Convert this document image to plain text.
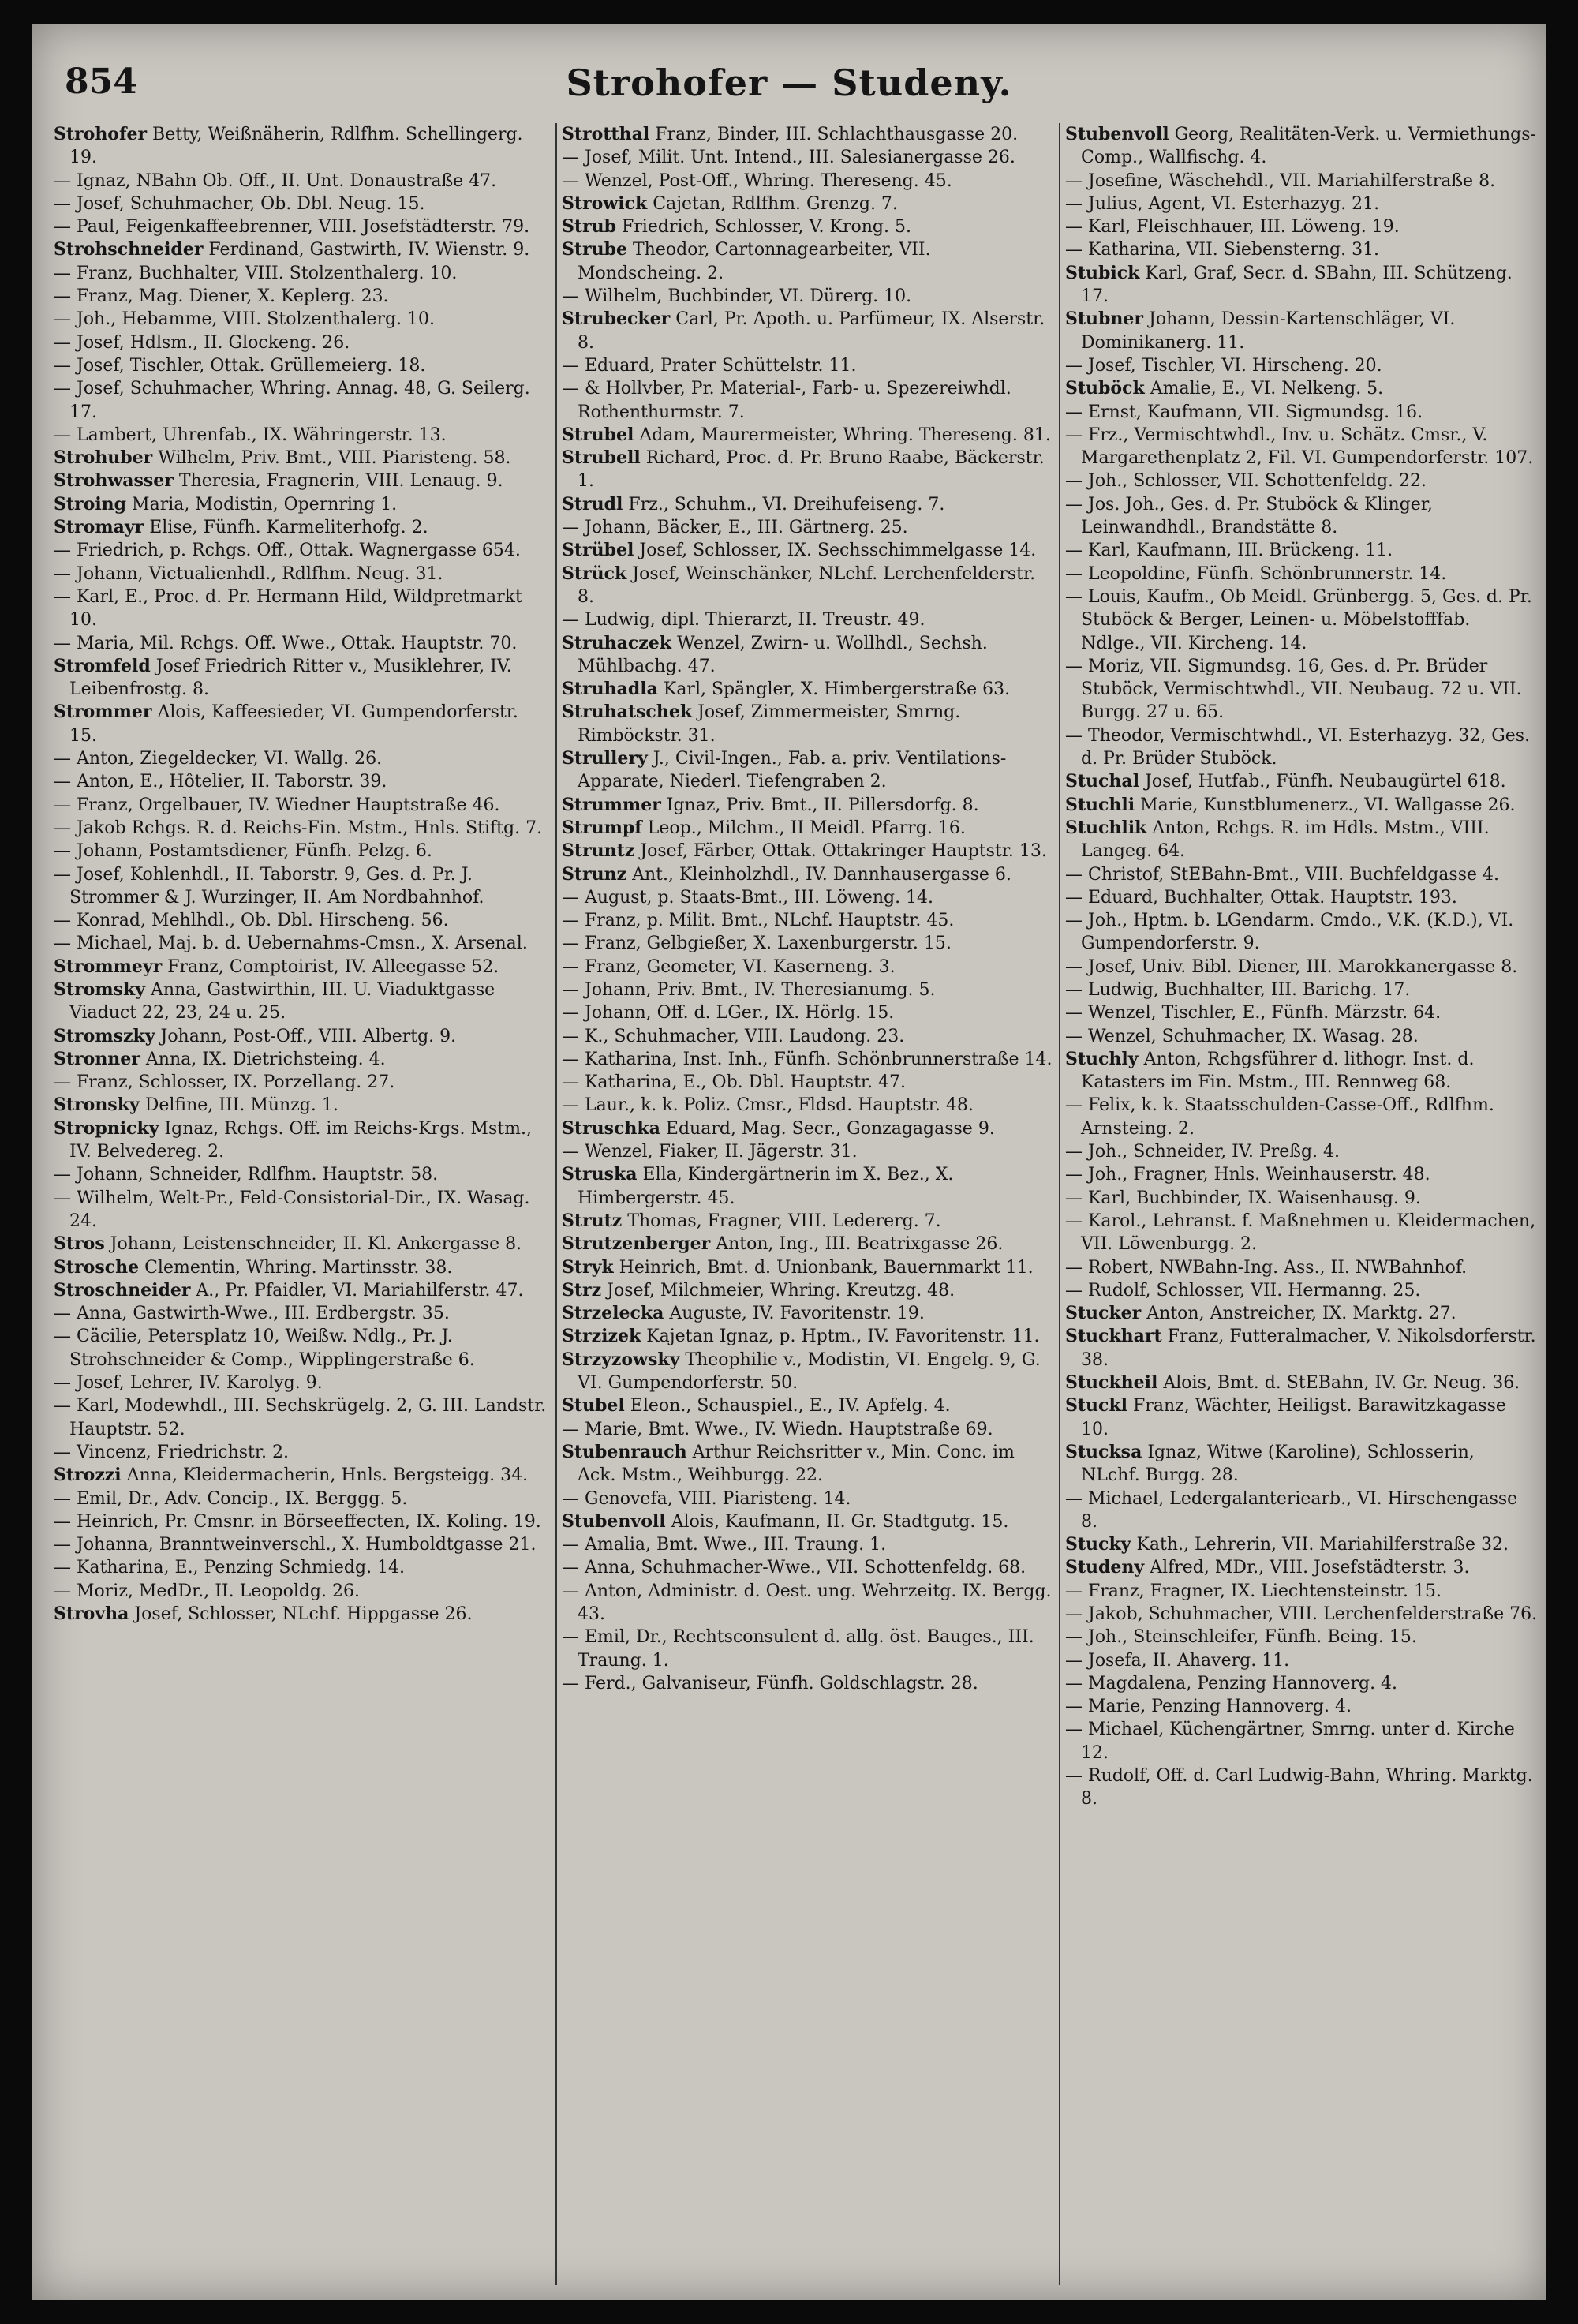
854	Strohofer — Studeny.

Strohofer Betty, Weißnäherin, Rdlfhm. Schellingerg. 19.

— Ignaz, NBahn Ob. Off., II. Unt. Donaustraße 47.

— Josef, Schuhmacher, Ob. Dbl. Neug. 15.

— Paul, Feigenkaffeebrenner, VIII. Josefstädterstr. 79.

Strohschneider Ferdinand, Gastwirth, IV. Wienstr. 9.

— Franz, Buchhalter, VIII. Stolzenthalerg. 10.

— Franz, Mag. Diener, X. Keplerg. 23.

— Joh., Hebamme, VIII. Stolzenthalerg. 10.

— Josef, Hdlsm., II. Glockeng. 26.

— Josef, Tischler, Ottak. Grüllemeierg. 18.

— Josef, Schuhmacher, Whring. Annag. 48, G. Seilerg. 17.

— Lambert, Uhrenfab., IX. Währingerstr. 13.

Strohuber Wilhelm, Priv. Bmt., VIII. Piaristeng. 58.

Strohwasser Theresia, Fragnerin, VIII. Lenaug. 9.

Stroing Maria, Modistin, Opernring 1.

Stromayr Elise, Fünfh. Karmeliterhofg. 2.

— Friedrich, p. Rchgs. Off., Ottak. Wagnergasse 654.

— Johann, Victualienhdl., Rdlfhm. Neug. 31.

— Karl, E., Proc. d. Pr. Hermann Hild, Wildpretmarkt 10.

— Maria, Mil. Rchgs. Off. Wwe., Ottak. Hauptstr. 70.

Stromfeld Josef Friedrich Ritter v., Musiklehrer, IV. Leibenfrostg. 8.

Strommer Alois, Kaffeesieder, VI. Gumpendorferstr. 15.

— Anton, Ziegeldecker, VI. Wallg. 26.

— Anton, E., Hôtelier, II. Taborstr. 39.

— Franz, Orgelbauer, IV. Wiedner Hauptstraße 46.

— Jakob Rchgs. R. d. Reichs-Fin. Mstm., Hnls. Stiftg. 7.

— Johann, Postamtsdiener, Fünfh. Pelzg. 6.

— Josef, Kohlenhdl., II. Taborstr. 9, Ges. d. Pr. J. Strommer & J. Wurzinger, II. Am Nordbahnhof.

— Konrad, Mehlhdl., Ob. Dbl. Hirscheng. 56.

— Michael, Maj. b. d. Uebernahms-Cmsn., X. Arsenal.

Strommeyr Franz, Comptoirist, IV. Alleegasse 52.

Stromsky Anna, Gastwirthin, III. U. Viaduktgasse Viaduct 22, 23, 24 u. 25.

Stromszky Johann, Post-Off., VIII. Albertg. 9.

Stronner Anna, IX. Dietrichsteing. 4.

— Franz, Schlosser, IX. Porzellang. 27.

Stronsky Delfine, III. Münzg. 1.

Stropnicky Ignaz, Rchgs. Off. im Reichs-Krgs. Mstm., IV. Belvedereg. 2.

— Johann, Schneider, Rdlfhm. Hauptstr. 58.

— Wilhelm, Welt-Pr., Feld-Consistorial-Dir., IX. Wasag. 24.

Stros Johann, Leistenschneider, II. Kl. Ankergasse 8.

Strosche Clementin, Whring. Martinsstr. 38.

Stroschneider A., Pr. Pfaidler, VI. Mariahilferstr. 47.

— Anna, Gastwirth-Wwe., III. Erdbergstr. 35.

— Cäcilie, Petersplatz 10, Weißw. Ndlg., Pr. J. Strohschneider & Comp., Wipplingerstraße 6.

— Josef, Lehrer, IV. Karolyg. 9.

— Karl, Modewhdl., III. Sechskrügelg. 2, G. III. Landstr. Hauptstr. 52.

— Vincenz, Friedrichstr. 2.

Strozzi Anna, Kleidermacherin, Hnls. Bergsteigg. 34.

— Emil, Dr., Adv. Concip., IX. Berggg. 5.

— Heinrich, Pr. Cmsnr. in Börseeffecten, IX. Koling. 19.

— Johanna, Branntweinverschl., X. Humboldtgasse 21.

— Katharina, E., Penzing Schmiedg. 14.

— Moriz, MedDr., II. Leopoldg. 26.

Strovha Josef, Schlosser, NLchf. Hippgasse 26.

Strotthal Franz, Binder, III. Schlachthausgasse 20.

— Josef, Milit. Unt. Intend., III. Salesianergasse 26.

— Wenzel, Post-Off., Whring. Thereseng. 45.

Strowick Cajetan, Rdlfhm. Grenzg. 7.

Strub Friedrich, Schlosser, V. Krong. 5.

Strube Theodor, Cartonnagearbeiter, VII. Mondscheing. 2.

— Wilhelm, Buchbinder, VI. Dürerg. 10.

Strubecker Carl, Pr. Apoth. u. Parfümeur, IX. Alserstr. 8.

— Eduard, Prater Schüttelstr. 11.

— & Hollvber, Pr. Material-, Farb- u. Spezereiwhdl. Rothenthurmstr. 7.

Strubel Adam, Maurermeister, Whring. Thereseng. 81.

Strubell Richard, Proc. d. Pr. Bruno Raabe, Bäckerstr. 1.

Strudl Frz., Schuhm., VI. Dreihufeiseng. 7.

— Johann, Bäcker, E., III. Gärtnerg. 25.

Strübel Josef, Schlosser, IX. Sechsschimmelgasse 14.

Strück Josef, Weinschänker, NLchf. Lerchenfelderstr. 8.

— Ludwig, dipl. Thierarzt, II. Treustr. 49.

Struhaczek Wenzel, Zwirn- u. Wollhdl., Sechsh. Mühlbachg. 47.

Struhadla Karl, Spängler, X. Himbergerstraße 63.

Struhatschek Josef, Zimmermeister, Smrng. Rimböckstr. 31.

Strullery J., Civil-Ingen., Fab. a. priv. Ventilations-Apparate, Niederl. Tiefengraben 2.

Strummer Ignaz, Priv. Bmt., II. Pillersdorfg. 8.

Strumpf Leop., Milchm., II Meidl. Pfarrg. 16.

Struntz Josef, Färber, Ottak. Ottakringer Hauptstr. 13.

Strunz Ant., Kleinholzhdl., IV. Dannhausergasse 6.

— August, p. Staats-Bmt., III. Löweng. 14.

— Franz, p. Milit. Bmt., NLchf. Hauptstr. 45.

— Franz, Gelbgießer, X. Laxenburgerstr. 15.

— Franz, Geometer, VI. Kaserneng. 3.

— Johann, Priv. Bmt., IV. Theresianumg. 5.

— Johann, Off. d. LGer., IX. Hörlg. 15.

— K., Schuhmacher, VIII. Laudong. 23.

— Katharina, Inst. Inh., Fünfh. Schönbrunnerstraße 14.

— Katharina, E., Ob. Dbl. Hauptstr. 47.

— Laur., k. k. Poliz. Cmsr., Fldsd. Hauptstr. 48.

Struschka Eduard, Mag. Secr., Gonzagagasse 9.

— Wenzel, Fiaker, II. Jägerstr. 31.

Struska Ella, Kindergärtnerin im X. Bez., X. Himbergerstr. 45.

Strutz Thomas, Fragner, VIII. Ledererg. 7.

Strutzenberger Anton, Ing., III. Beatrixgasse 26.

Stryk Heinrich, Bmt. d. Unionbank, Bauernmarkt 11.

Strz Josef, Milchmeier, Whring. Kreutzg. 48.

Strzelecka Auguste, IV. Favoritenstr. 19.

Strzizek Kajetan Ignaz, p. Hptm., IV. Favoritenstr. 11.

Strzyzowsky Theophilie v., Modistin, VI. Engelg. 9, G. VI. Gumpendorferstr. 50.

Stubel Eleon., Schauspiel., E., IV. Apfelg. 4.

— Marie, Bmt. Wwe., IV. Wiedn. Hauptstraße 69.

Stubenrauch Arthur Reichsritter v., Min. Conc. im Ack. Mstm., Weihburgg. 22.

— Genovefa, VIII. Piaristeng. 14.

Stubenvoll Alois, Kaufmann, II. Gr. Stadtgutg. 15.

— Amalia, Bmt. Wwe., III. Traung. 1.

— Anna, Schuhmacher-Wwe., VII. Schottenfeldg. 68.

— Anton, Administr. d. Oest. ung. Wehrzeitg. IX. Bergg. 43.

— Emil, Dr., Rechtsconsulent d. allg. öst. Bauges., III. Traung. 1.

— Ferd., Galvaniseur, Fünfh. Goldschlagstr. 28.

Stubenvoll Georg, Realitäten-Verk. u. Vermiethungs-Comp., Wallfischg. 4.

— Josefine, Wäschehdl., VII. Mariahilferstraße 8.

— Julius, Agent, VI. Esterhazyg. 21.

— Karl, Fleischhauer, III. Löweng. 19.

— Katharina, VII. Siebensterng. 31.

Stubick Karl, Graf, Secr. d. SBahn, III. Schützeng. 17.

Stubner Johann, Dessin-Kartenschläger, VI. Dominikanerg. 11.

— Josef, Tischler, VI. Hirscheng. 20.

Stuböck Amalie, E., VI. Nelkeng. 5.

— Ernst, Kaufmann, VII. Sigmundsg. 16.

— Frz., Vermischtwhdl., Inv. u. Schätz. Cmsr., V. Margarethenplatz 2, Fil. VI. Gumpendorferstr. 107.

— Joh., Schlosser, VII. Schottenfeldg. 22.

— Jos. Joh., Ges. d. Pr. Stuböck & Klinger, Leinwandhdl., Brandstätte 8.

— Karl, Kaufmann, III. Brückeng. 11.

— Leopoldine, Fünfh. Schönbrunnerstr. 14.

— Louis, Kaufm., Ob Meidl. Grünbergg. 5, Ges. d. Pr. Stuböck & Berger, Leinen- u. Möbelstofffab. Ndlge., VII. Kircheng. 14.

— Moriz, VII. Sigmundsg. 16, Ges. d. Pr. Brüder Stuböck, Vermischtwhdl., VII. Neubaug. 72 u. VII. Burgg. 27 u. 65.

— Theodor, Vermischtwhdl., VI. Esterhazyg. 32, Ges. d. Pr. Brüder Stuböck.

Stuchal Josef, Hutfab., Fünfh. Neubaugürtel 618.

Stuchli Marie, Kunstblumenerz., VI. Wallgasse 26.

Stuchlik Anton, Rchgs. R. im Hdls. Mstm., VIII. Langeg. 64.

— Christof, StEBahn-Bmt., VIII. Buchfeldgasse 4.

— Eduard, Buchhalter, Ottak. Hauptstr. 193.

— Joh., Hptm. b. LGendarm. Cmdo., V.K. (K.D.), VI. Gumpendorferstr. 9.

— Josef, Univ. Bibl. Diener, III. Marokkanergasse 8.

— Ludwig, Buchhalter, III. Barichg. 17.

— Wenzel, Tischler, E., Fünfh. Märzstr. 64.

— Wenzel, Schuhmacher, IX. Wasag. 28.

Stuchly Anton, Rchgsführer d. lithogr. Inst. d. Katasters im Fin. Mstm., III. Rennweg 68.

— Felix, k. k. Staatsschulden-Casse-Off., Rdlfhm. Arnsteing. 2.

— Joh., Schneider, IV. Preßg. 4.

— Joh., Fragner, Hnls. Weinhauserstr. 48.

— Karl, Buchbinder, IX. Waisenhausg. 9.

— Karol., Lehranst. f. Maßnehmen u. Kleidermachen, VII. Löwenburgg. 2.

— Robert, NWBahn-Ing. Ass., II. NWBahnhof.

— Rudolf, Schlosser, VII. Hermanng. 25.

Stucker Anton, Anstreicher, IX. Marktg. 27.

Stuckhart Franz, Futteralmacher, V. Nikolsdorferstr. 38.

Stuckheil Alois, Bmt. d. StEBahn, IV. Gr. Neug. 36.

Stuckl Franz, Wächter, Heiligst. Barawitzkagasse 10.

Stucksa Ignaz, Witwe (Karoline), Schlosserin, NLchf. Burgg. 28.

— Michael, Ledergalanteriearb., VI. Hirschengasse 8.

Stucky Kath., Lehrerin, VII. Mariahilferstraße 32.

Studeny Alfred, MDr., VIII. Josefstädterstr. 3.

— Franz, Fragner, IX. Liechtensteinstr. 15.

— Jakob, Schuhmacher, VIII. Lerchenfelderstraße 76.

— Joh., Steinschleifer, Fünfh. Being. 15.

— Josefa, II. Ahaverg. 11.

— Magdalena, Penzing Hannoverg. 4.

— Marie, Penzing Hannoverg. 4.

— Michael, Küchengärtner, Smrng. unter d. Kirche 12.

— Rudolf, Off. d. Carl Ludwig-Bahn, Whring. Marktg. 8.
